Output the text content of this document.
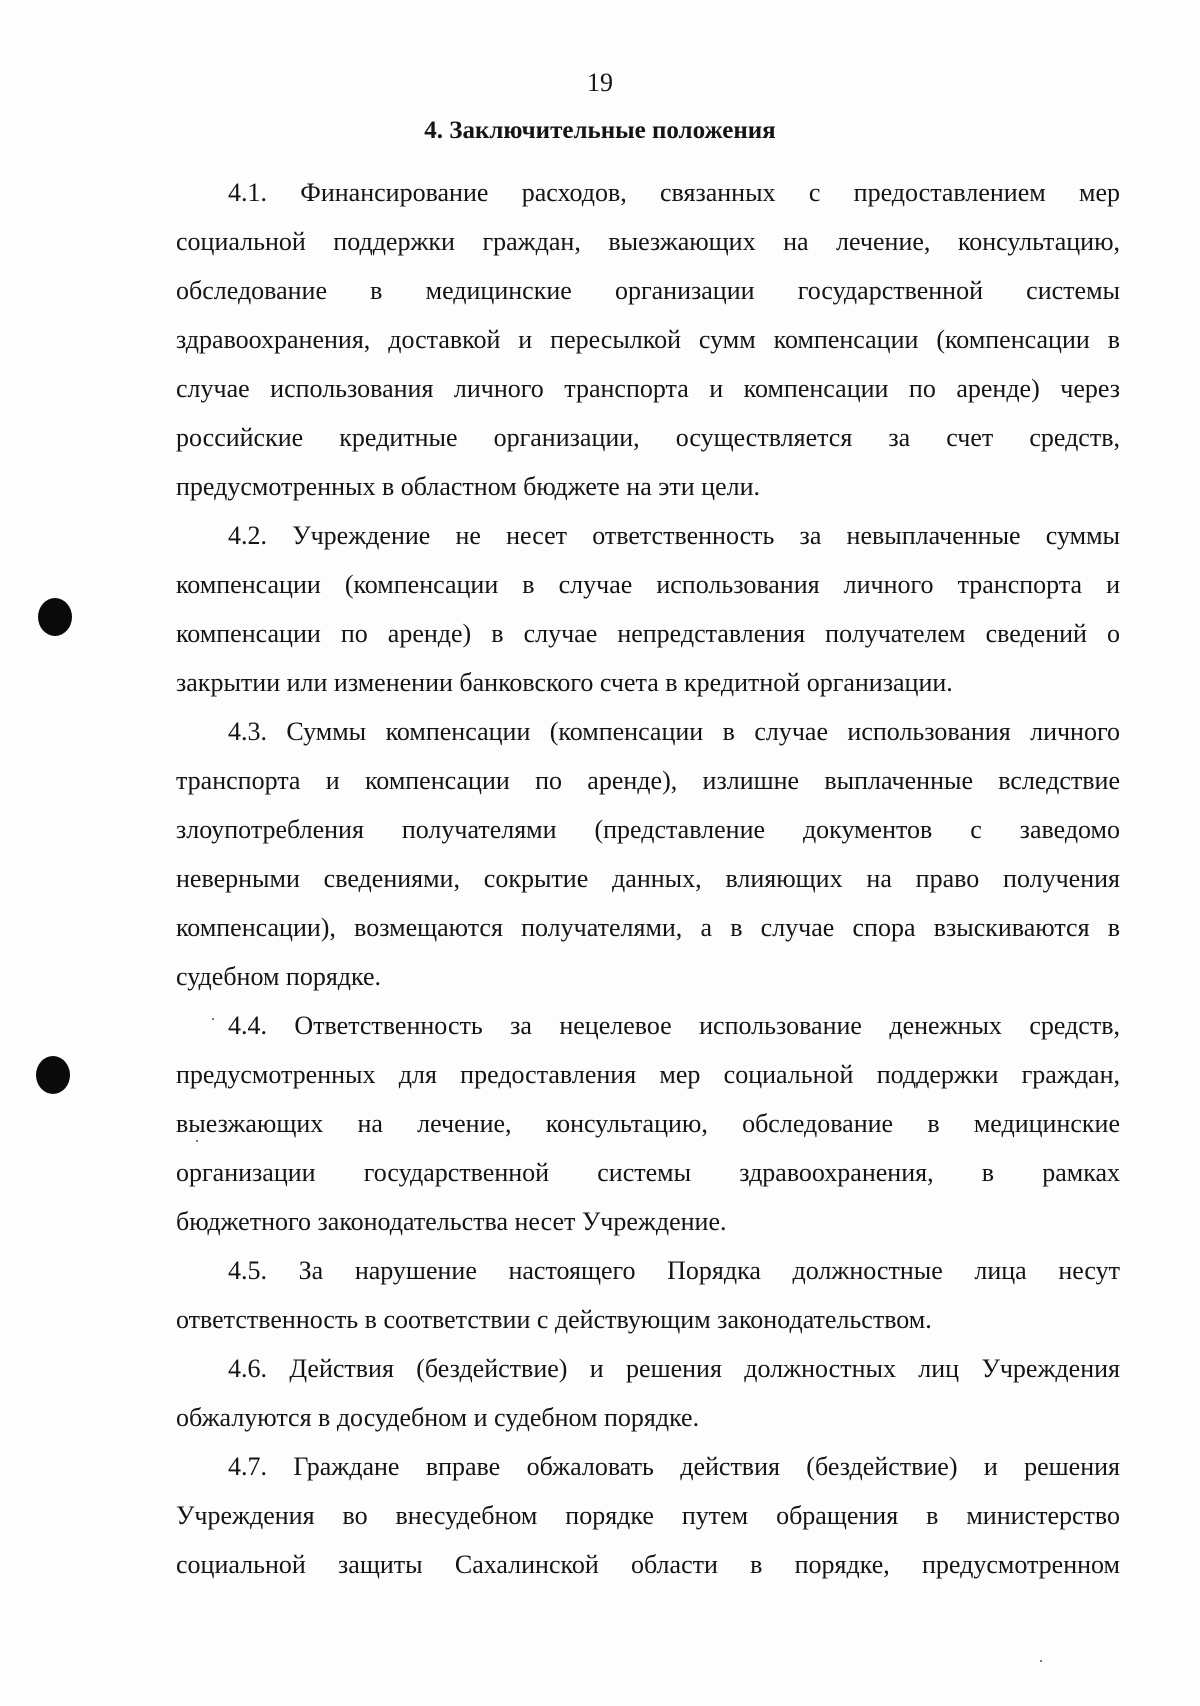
19
4. Заключительные положения
4.1. Финансирование расходов, связанных с предоставлением мер
социальной поддержки граждан, выезжающих на лечение, консультацию,
обследование в медицинские организации государственной системы
здравоохранения, доставкой и пересылкой сумм компенсации (компенсации в
случае использования личного транспорта и компенсации по аренде) через
российские кредитные организации, осуществляется за счет средств,
предусмотренных в областном бюджете на эти цели.
4.2. Учреждение не несет ответственность за невыплаченные суммы
компенсации (компенсации в случае использования личного транспорта и
компенсации по аренде) в случае непредставления получателем сведений о
закрытии или изменении банковского счета в кредитной организации.
4.3. Суммы компенсации (компенсации в случае использования личного
транспорта и компенсации по аренде), излишне выплаченные вследствие
злоупотребления получателями (представление документов с заведомо
неверными сведениями, сокрытие данных, влияющих на право получения
компенсации), возмещаются получателями, а в случае спора взыскиваются в
судебном порядке.
4.4. Ответственность за нецелевое использование денежных средств,
предусмотренных для предоставления мер социальной поддержки граждан,
выезжающих на лечение, консультацию, обследование в медицинские
организации государственной системы здравоохранения, в рамках
бюджетного законодательства несет Учреждение.
4.5. За нарушение настоящего Порядка должностные лица несут
ответственность в соответствии с действующим законодательством.
4.6. Действия (бездействие) и решения должностных лиц Учреждения
обжалуются в досудебном и судебном порядке.
4.7. Граждане вправе обжаловать действия (бездействие) и решения
Учреждения во внесудебном порядке путем обращения в министерство
социальной защиты Сахалинской области в порядке, предусмотренном
